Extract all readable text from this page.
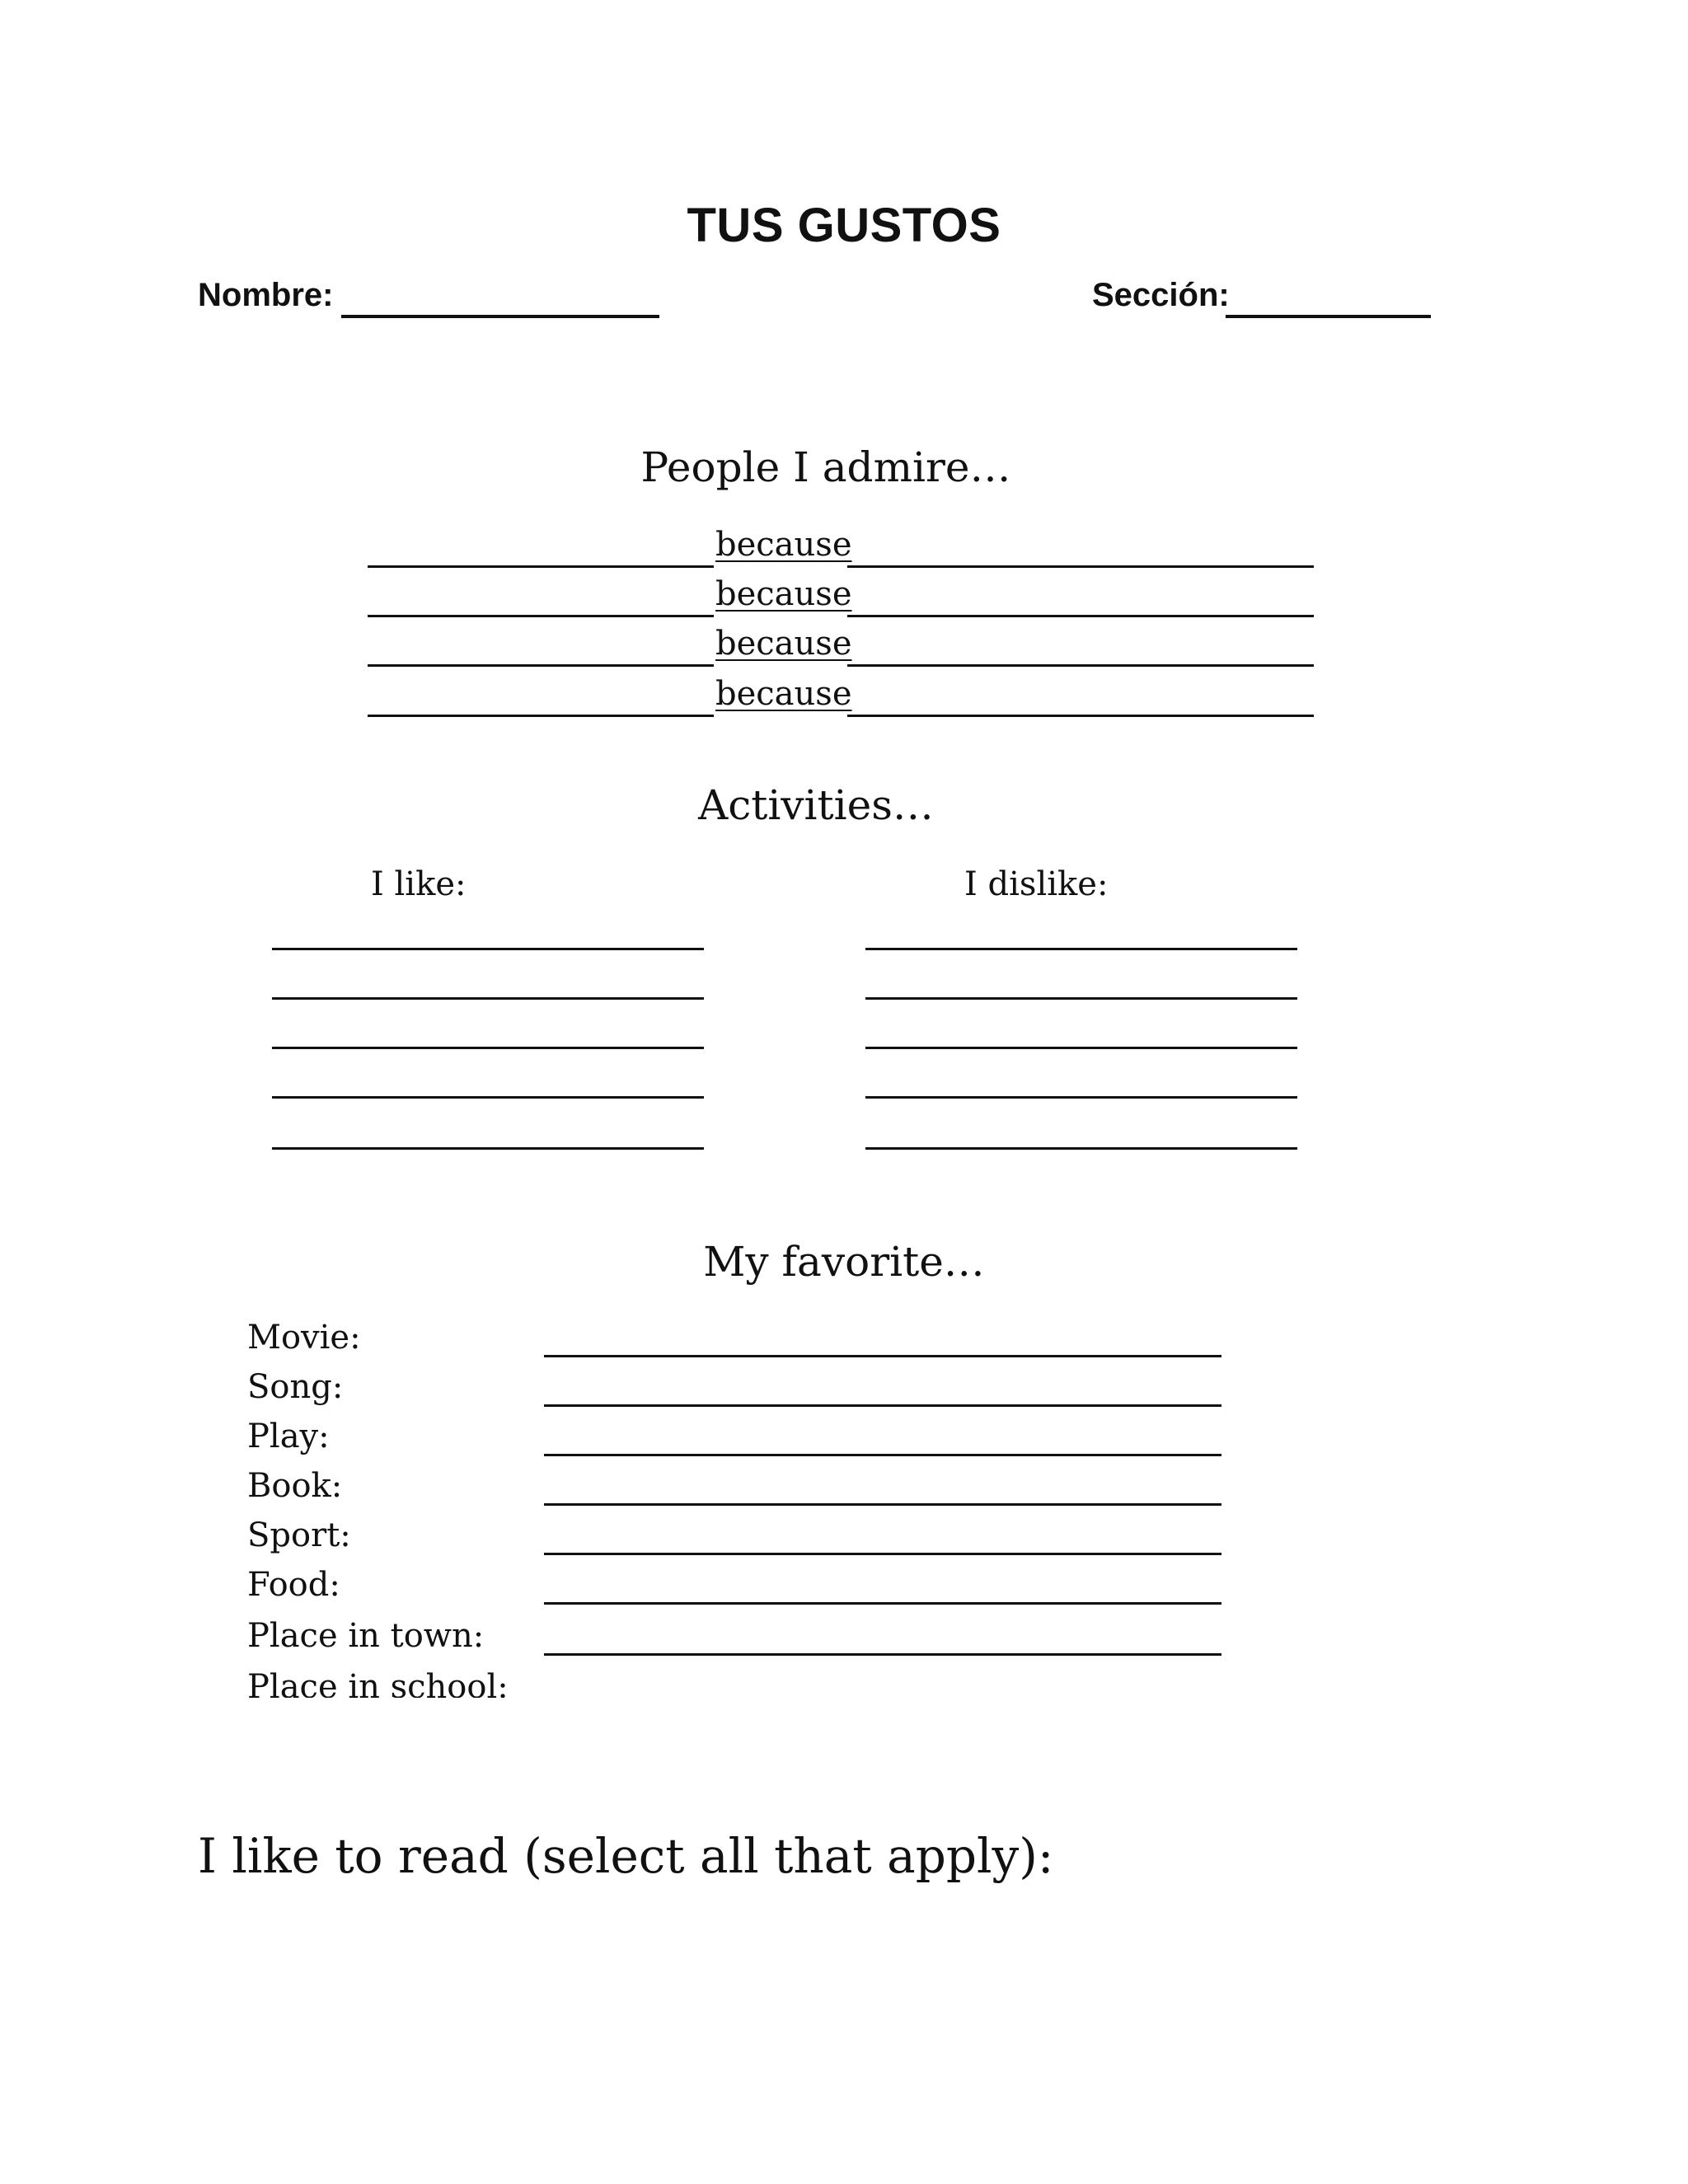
TUS GUSTOS
Nombre:	Sección:
People I admire…
because
because
because
because
Activities…
I like:	I dislike:
My favorite…
Movie:
Song:
Play:
Book:
Sport:
Food:
Place in town:
Place in school:
I like to read (select all that apply):
